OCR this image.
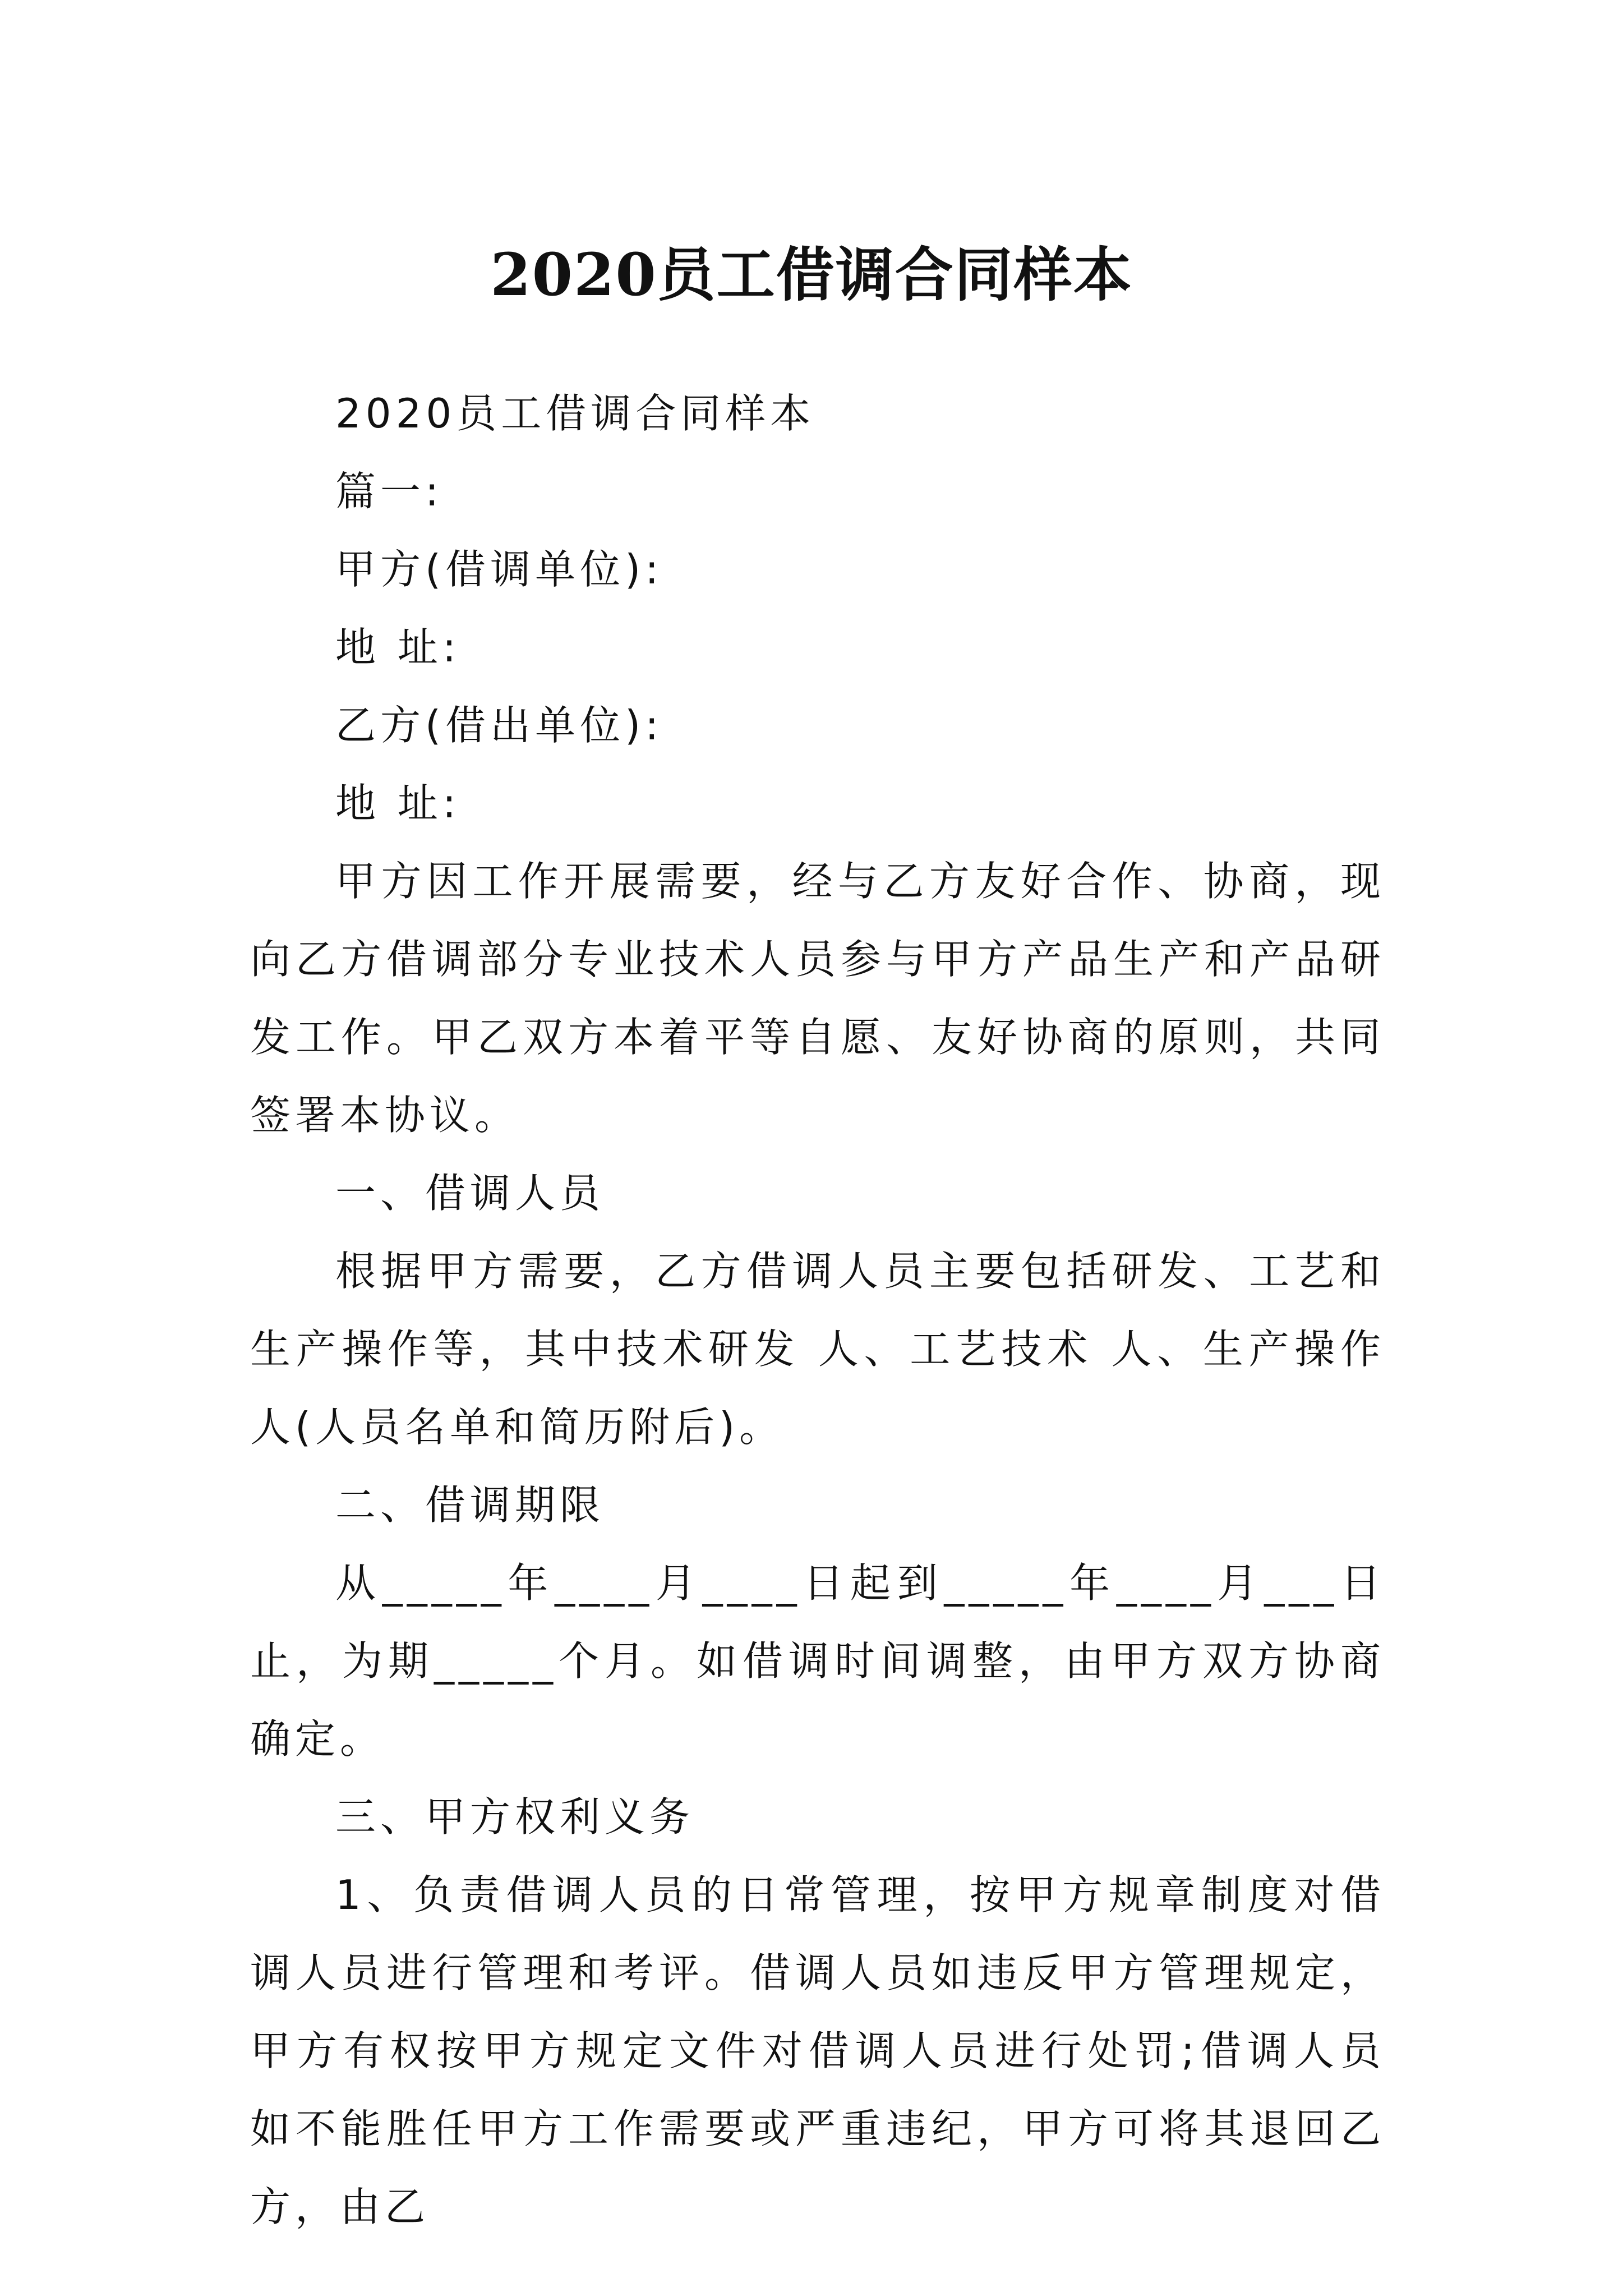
2020员工借调合同样本

2020员工借调合同样本

篇一:

甲方(借调单位):

地 址:

乙方(借出单位):

地 址:

甲方因工作开展需要，经与乙方友好合作、协商，现向乙方借调部分专业技术人员参与甲方产品生产和产品研发工作。甲乙双方本着平等自愿、友好协商的原则，共同签署本协议。

一、借调人员

根据甲方需要，乙方借调人员主要包括研发、工艺和生产操作等，其中技术研发 人、工艺技术 人、生产操作 人(人员名单和简历附后)。

二、借调期限

从_____年____月____日起到_____年____月___日止，为期_____个月。如借调时间调整，由甲方双方协商确定。

三、甲方权利义务

1、负责借调人员的日常管理，按甲方规章制度对借调人员进行管理和考评。借调人员如违反甲方管理规定，甲方有权按甲方规定文件对借调人员进行处罚;借调人员如不能胜任甲方工作需要或严重违纪，甲方可将其退回乙方，由乙
